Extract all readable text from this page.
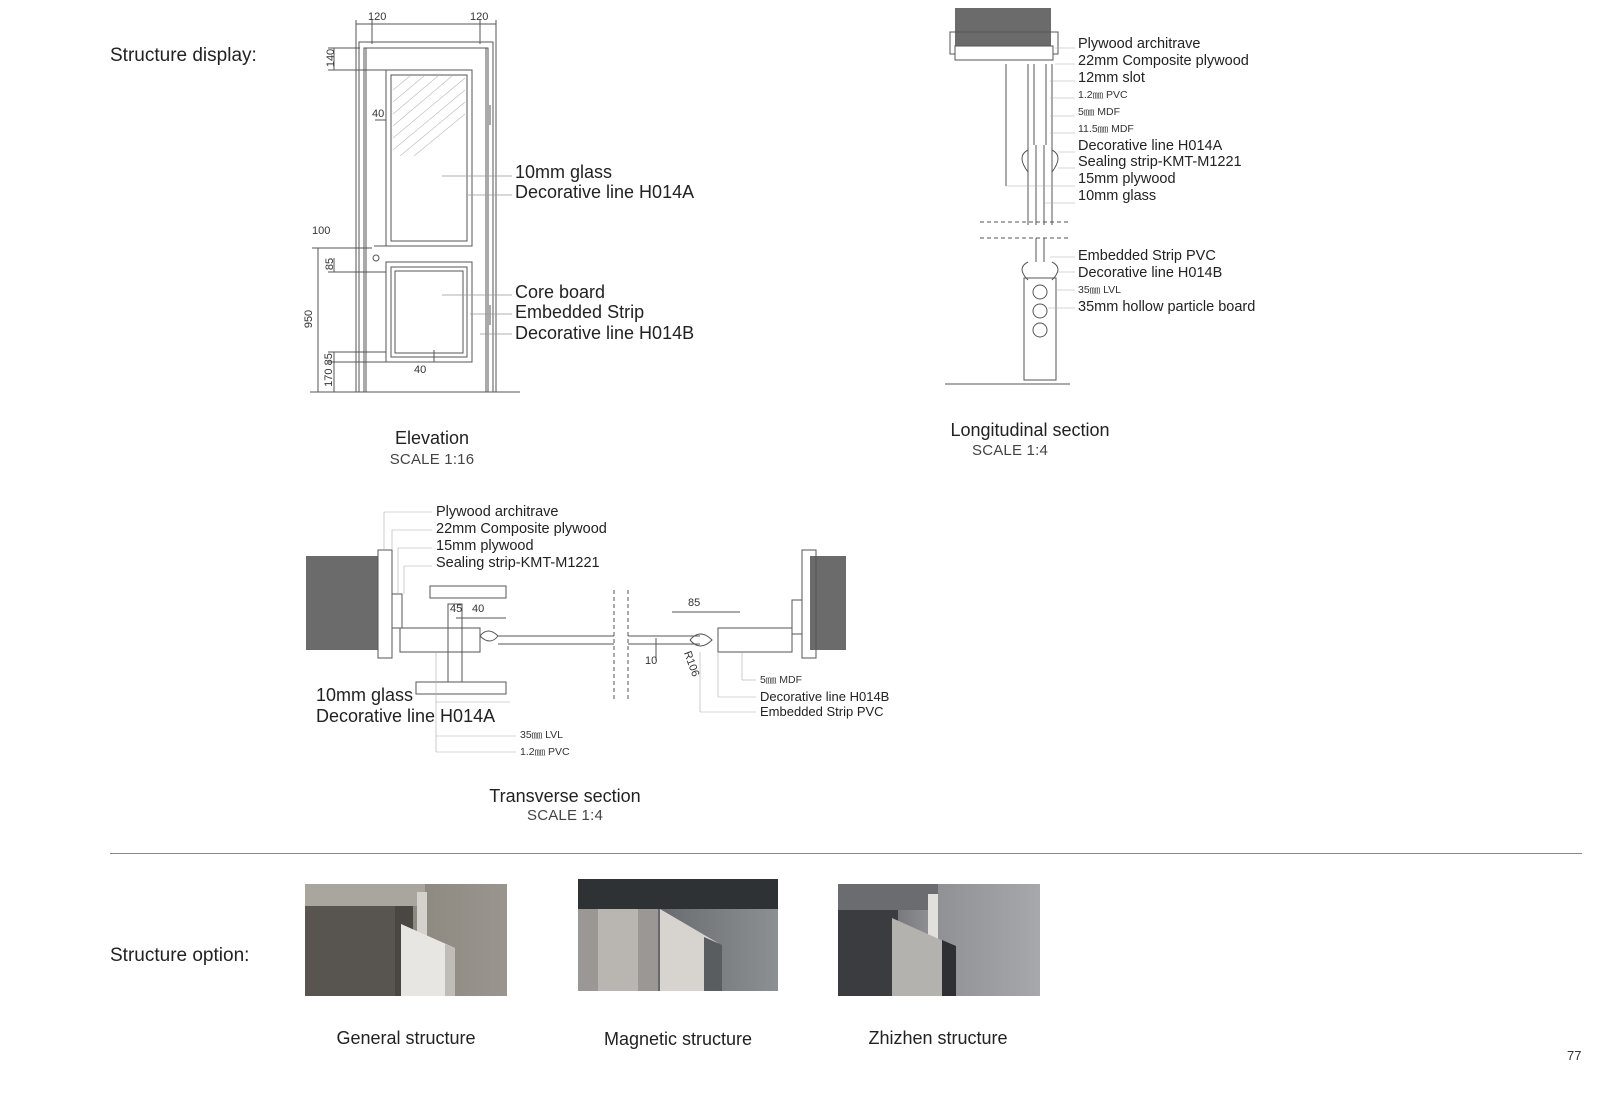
Structure display:
Structure option:
120	120
140
40
100
85
950
170 85	40
10mm glass
Decorative line H014A
Core board
Embedded Strip
Decorative line H014B
Elevation
SCALE 1:16
Plywood architrave
22mm Composite plywood
12mm slot
1.2㎜ PVC
5㎜ MDF
11.5㎜ MDF
Decorative line H014A
Sealing strip-KMT-M1221
15mm plywood
10mm glass
Embedded Strip PVC
Decorative line H014B
35㎜ LVL
35mm hollow particle board
Longitudinal section
SCALE 1:4
Plywood architrave
22mm Composite plywood
15mm plywood
Sealing strip-KMT-M1221
45 40	85
10 R106
10mm glass
Decorative line H014A
35㎜ LVL
1.2㎜ PVC
5㎜ MDF
Decorative line H014B
Embedded Strip PVC
Transverse section
SCALE 1:4
General structure	Magnetic structure	Zhizhen structure
77
